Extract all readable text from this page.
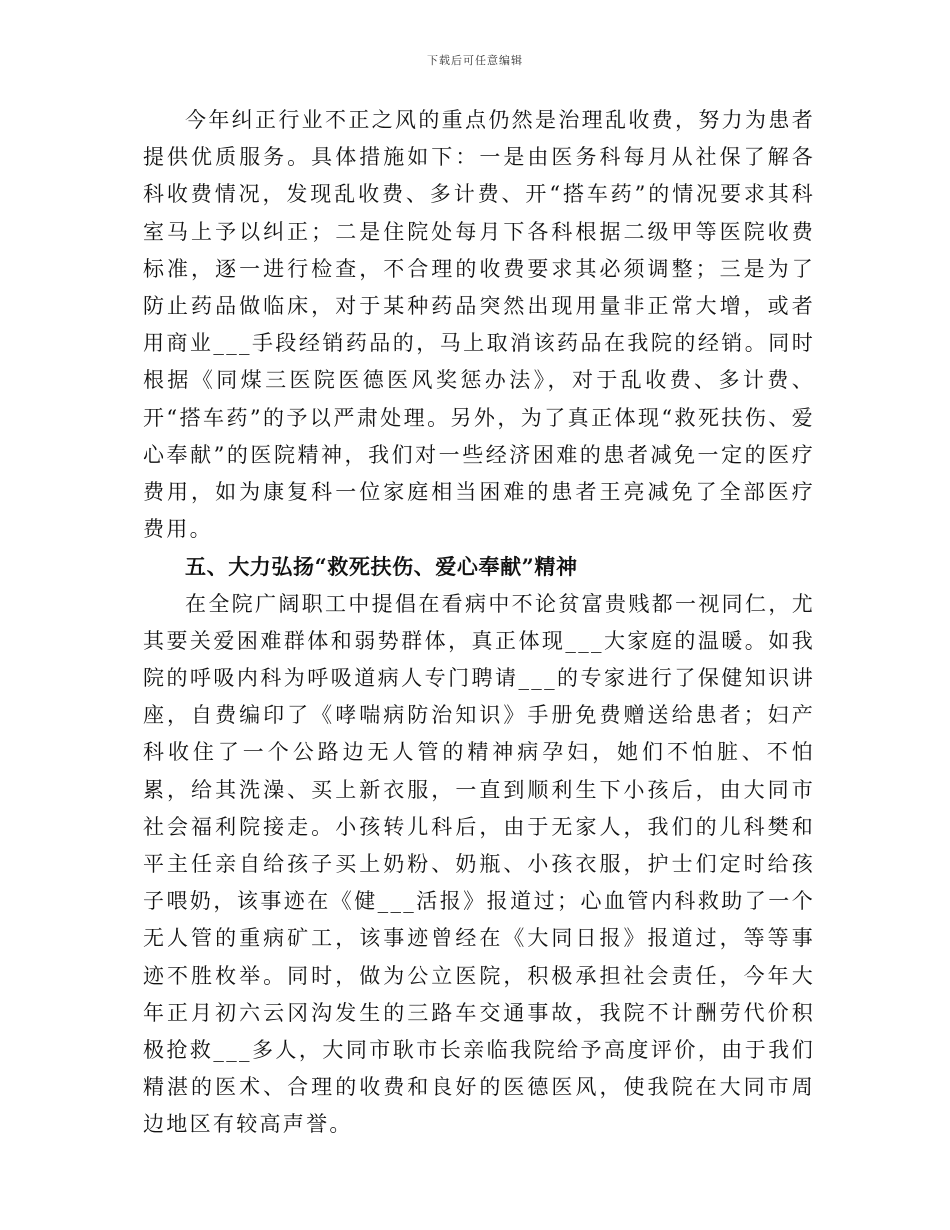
下载后可任意编辑

今年纠正行业不正之风的重点仍然是治理乱收费，努力为患者提供优质服务。具体措施如下：一是由医务科每月从社保了解各科收费情况，发现乱收费、多计费、开“搭车药”的情况要求其科室马上予以纠正；二是住院处每月下各科根据二级甲等医院收费标准，逐一进行检查，不合理的收费要求其必须调整；三是为了防止药品做临床，对于某种药品突然出现用量非正常大增，或者用商业___手段经销药品的，马上取消该药品在我院的经销。同时根据《同煤三医院医德医风奖惩办法》，对于乱收费、多计费、开“搭车药”的予以严肃处理。另外，为了真正体现“救死扶伤、爱心奉献”的医院精神，我们对一些经济困难的患者减免一定的医疗费用，如为康复科一位家庭相当困难的患者王亮减免了全部医疗费用。

五、大力弘扬“救死扶伤、爱心奉献”精神

在全院广阔职工中提倡在看病中不论贫富贵贱都一视同仁，尤其要关爱困难群体和弱势群体，真正体现___大家庭的温暖。如我院的呼吸内科为呼吸道病人专门聘请___的专家进行了保健知识讲座，自费编印了《哮喘病防治知识》手册免费赠送给患者；妇产科收住了一个公路边无人管的精神病孕妇，她们不怕脏、不怕累，给其洗澡、买上新衣服，一直到顺利生下小孩后，由大同市社会福利院接走。小孩转儿科后，由于无家人，我们的儿科樊和平主任亲自给孩子买上奶粉、奶瓶、小孩衣服，护士们定时给孩子喂奶，该事迹在《健___活报》报道过；心血管内科救助了一个无人管的重病矿工，该事迹曾经在《大同日报》报道过，等等事迹不胜枚举。同时，做为公立医院，积极承担社会责任，今年大年正月初六云冈沟发生的三路车交通事故，我院不计酬劳代价积极抢救___多人，大同市耿市长亲临我院给予高度评价，由于我们精湛的医术、合理的收费和良好的医德医风，使我院在大同市周边地区有较高声誉。
